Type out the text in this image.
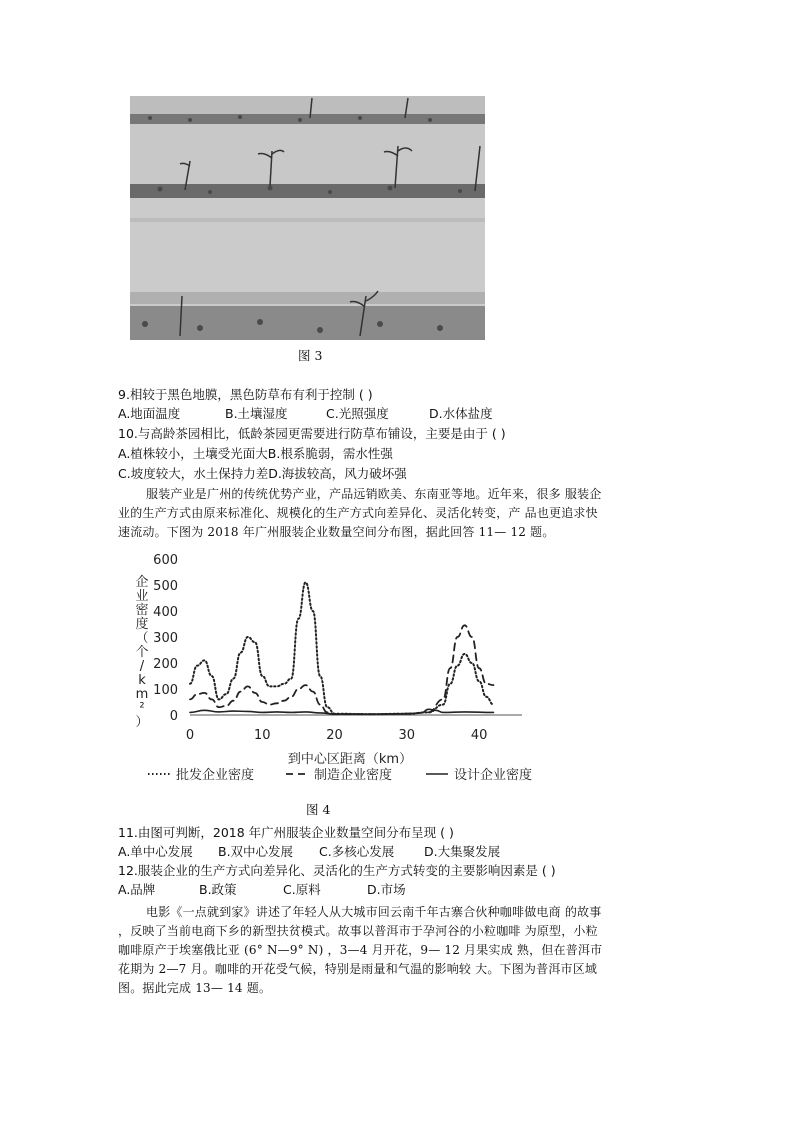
图 3
9.相较于黑色地膜，黑色防草布有利于控制 ( )
A.地面温度	B.土壤湿度	C.光照强度	D.水体盐度
10.与高龄茶园相比，低龄茶园更需要进行防草布铺设，主要是由于 ( )
A.植株较小，土壤受光面大B.根系脆弱，需水性强
C.坡度较大，水土保持力差D.海拔较高，风力破坏强
服装产业是广州的传统优势产业，产品远销欧美、东南亚等地。近年来，很多 服装企
业的生产方式由原来标准化、规模化的生产方式向差异化、灵活化转变，产 品也更追求快
速流动。下图为 2018 年广州服装企业数量空间分布图，据此回答 11— 12 题。
0
100
200
300
400
500
600
0	10	20	30	40
企业密度（个/ k m ² ）
到中心区距离（km）
批发企业密度	制造企业密度	设计企业密度
图 4
11.由图可判断，2018 年广州服装企业数量空间分布呈现 ( )
A.单中心发展 B.双中心发展 C.多核心发展 D.大集聚发展
12.服装企业的生产方式向差异化、灵活化的生产方式转变的主要影响因素是 ( )
A.品牌	B.政策	C.原料	D.市场
电影《一点就到家》讲述了年轻人从大城市回云南千年古寨合伙种咖啡做电商 的故事
，反映了当前电商下乡的新型扶贫模式。故事以普洱市于孕河谷的小粒咖啡 为原型，小粒
咖啡原产于埃塞俄比亚 (6° N—9° N) ，3—4 月开花，9— 12 月果实成 熟，但在普洱市
花期为 2—7 月。咖啡的开花受气候，特别是雨量和气温的影响较 大。下图为普洱市区域
图。据此完成 13— 14 题。
